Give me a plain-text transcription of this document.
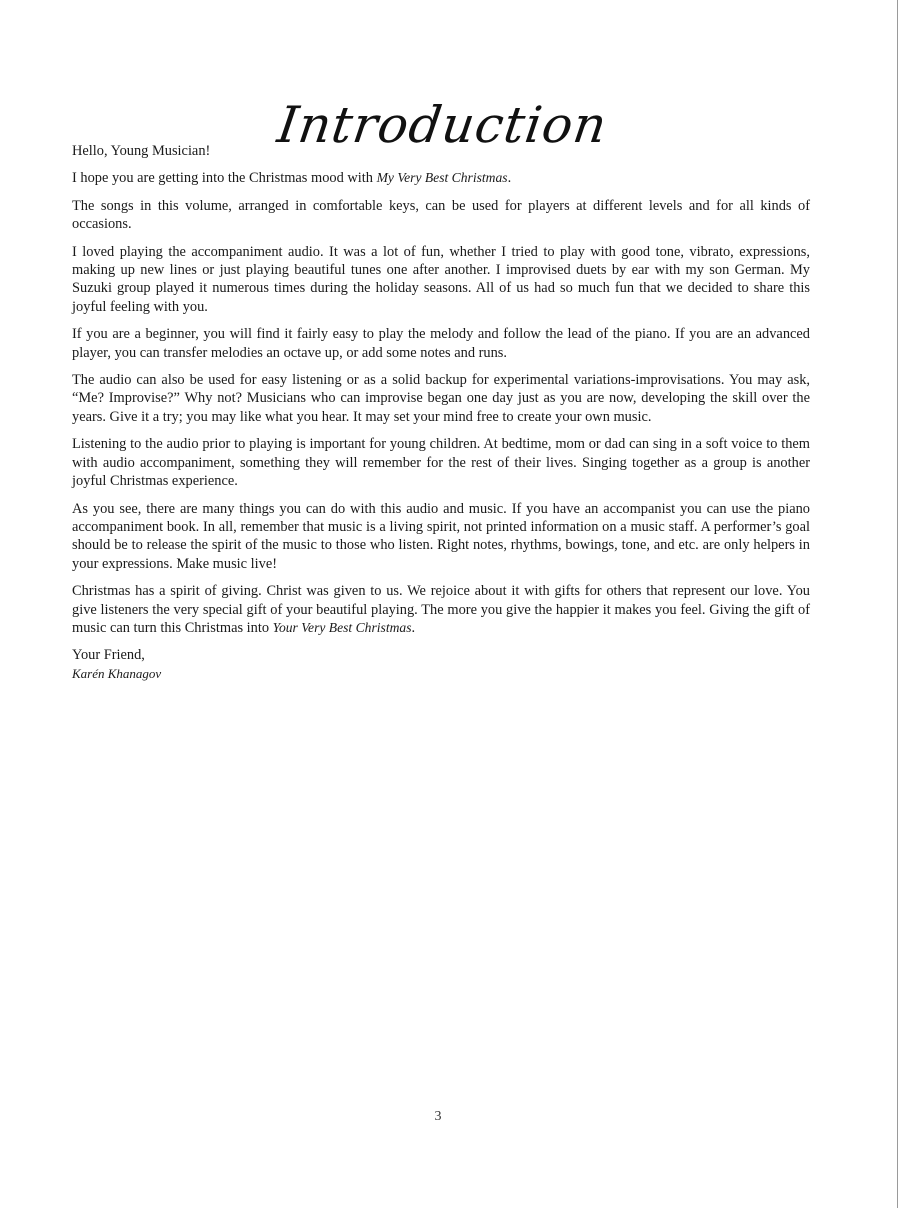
Introduction

Hello, Young Musician!

I hope you are getting into the Christmas mood with My Very Best Christmas.

The songs in this volume, arranged in comfortable keys, can be used for players at different levels and for all kinds of occasions.

I loved playing the accompaniment audio. It was a lot of fun, whether I tried to play with good tone, vibrato, expressions, making up new lines or just playing beautiful tunes one after another. I improvised duets by ear with my son German. My Suzuki group played it numerous times during the holiday seasons. All of us had so much fun that we decided to share this joyful feeling with you.

If you are a beginner, you will find it fairly easy to play the melody and follow the lead of the piano. If you are an advanced player, you can transfer melodies an octave up, or add some notes and runs.

The audio can also be used for easy listening or as a solid backup for experimental variations-improvisations. You may ask, “Me? Improvise?” Why not? Musicians who can improvise began one day just as you are now, developing the skill over the years. Give it a try; you may like what you hear. It may set your mind free to create your own music.

Listening to the audio prior to playing is important for young children. At bedtime, mom or dad can sing in a soft voice to them with audio accompaniment, something they will remember for the rest of their lives. Singing together as a group is another joyful Christmas experience.

As you see, there are many things you can do with this audio and music. If you have an accompanist you can use the piano accompaniment book. In all, remember that music is a living spirit, not printed information on a music staff. A performer’s goal should be to release the spirit of the music to those who listen. Right notes, rhythms, bowings, tone, and etc. are only helpers in your expressions. Make music live!

Christmas has a spirit of giving. Christ was given to us. We rejoice about it with gifts for others that represent our love. You give listeners the very special gift of your beautiful playing. The more you give the happier it makes you feel. Giving the gift of music can turn this Christmas into Your Very Best Christmas.

Your Friend,
Karén Khanagov

3
